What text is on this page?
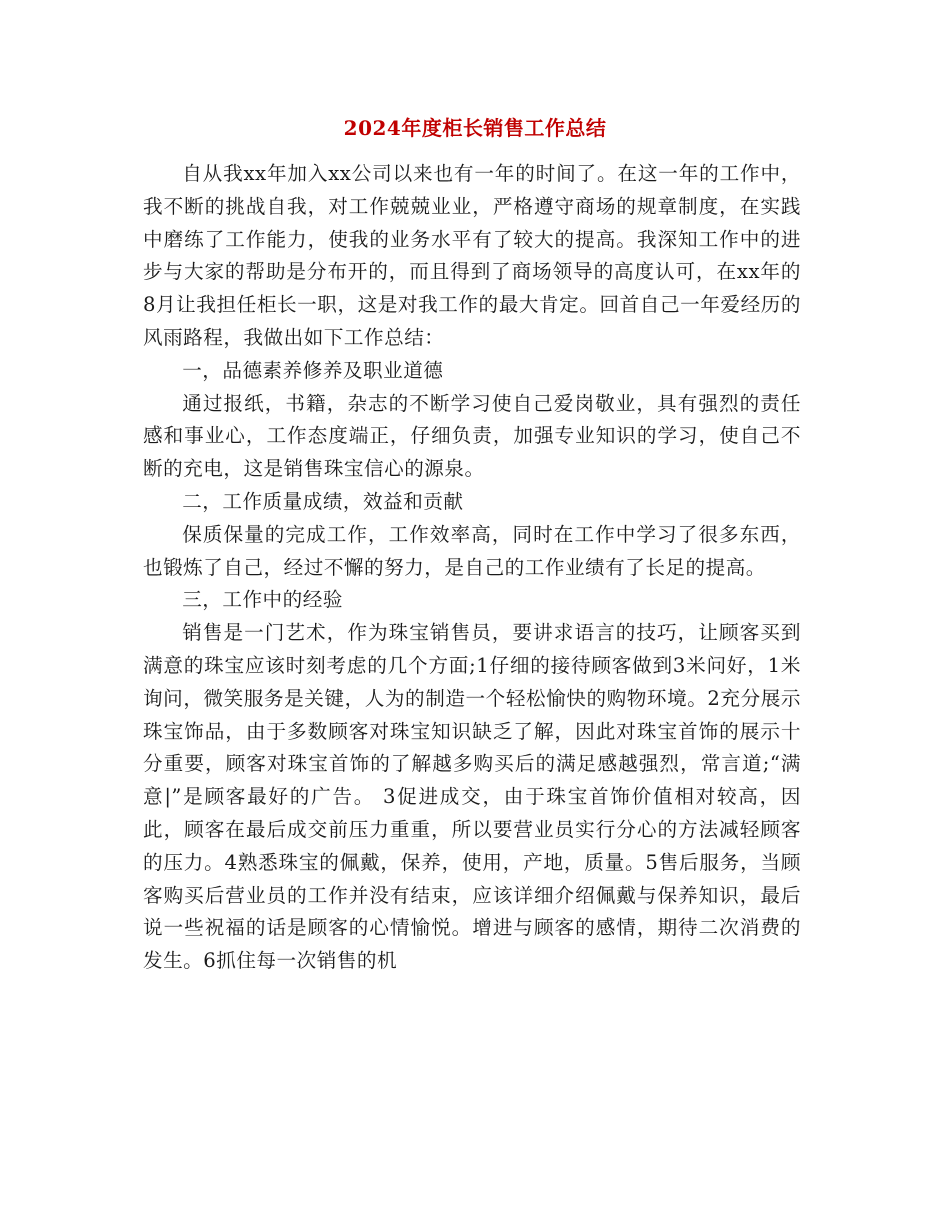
2024年度柜长销售工作总结

自从我xx年加入xx公司以来也有一年的时间了。在这一年的工作中，我不断的挑战自我，对工作兢兢业业，严格遵守商场的规章制度，在实践中磨练了工作能力，使我的业务水平有了较大的提高。我深知工作中的进步与大家的帮助是分布开的，而且得到了商场领导的高度认可，在xx年的8月让我担任柜长一职，这是对我工作的最大肯定。回首自己一年爱经历的风雨路程，我做出如下工作总结：

一，品德素养修养及职业道德

通过报纸，书籍，杂志的不断学习使自己爱岗敬业，具有强烈的责任感和事业心，工作态度端正，仔细负责，加强专业知识的学习，使自己不断的充电，这是销售珠宝信心的源泉。

二，工作质量成绩，效益和贡献

保质保量的完成工作，工作效率高，同时在工作中学习了很多东西，也锻炼了自己，经过不懈的努力，是自己的工作业绩有了长足的提高。

三，工作中的经验

销售是一门艺术，作为珠宝销售员，要讲求语言的技巧，让顾客买到满意的珠宝应该时刻考虑的几个方面;1仔细的接待顾客做到3米问好，1米询问，微笑服务是关键，人为的制造一个轻松愉快的购物环境。2充分展示珠宝饰品，由于多数顾客对珠宝知识缺乏了解，因此对珠宝首饰的展示十分重要，顾客对珠宝首饰的了解越多购买后的满足感越强烈，常言道;“满意|”是顾客最好的广告。 3促进成交，由于珠宝首饰价值相对较高，因此，顾客在最后成交前压力重重，所以要营业员实行分心的方法减轻顾客的压力。4熟悉珠宝的佩戴，保养，使用，产地，质量。5售后服务，当顾客购买后营业员的工作并没有结束，应该详细介绍佩戴与保养知识，最后说一些祝福的话是顾客的心情愉悦。增进与顾客的感情，期待二次消费的发生。6抓住每一次销售的机
